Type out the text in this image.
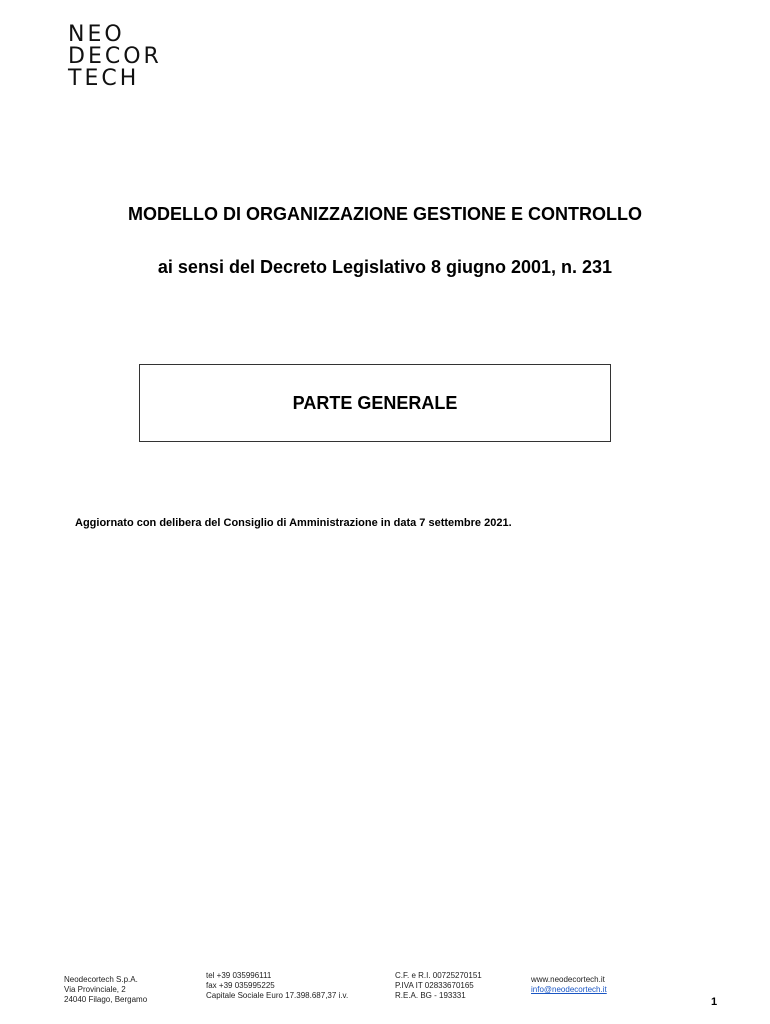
NEO
DECOR
TECH
MODELLO DI ORGANIZZAZIONE GESTIONE E CONTROLLO
ai sensi del Decreto Legislativo 8 giugno 2001, n. 231
PARTE GENERALE
Aggiornato con delibera del Consiglio di Amministrazione in data 7 settembre 2021.
Neodecortech S.p.A.
Via Provinciale, 2
24040 Filago, Bergamo
tel +39 035996111
fax +39 035995225
Capitale Sociale Euro 17.398.687,37 i.v.
C.F. e R.I. 00725270151
P.IVA IT 02833670165
R.E.A. BG - 193331
www.neodecortech.it
info@neodecortech.it
1
